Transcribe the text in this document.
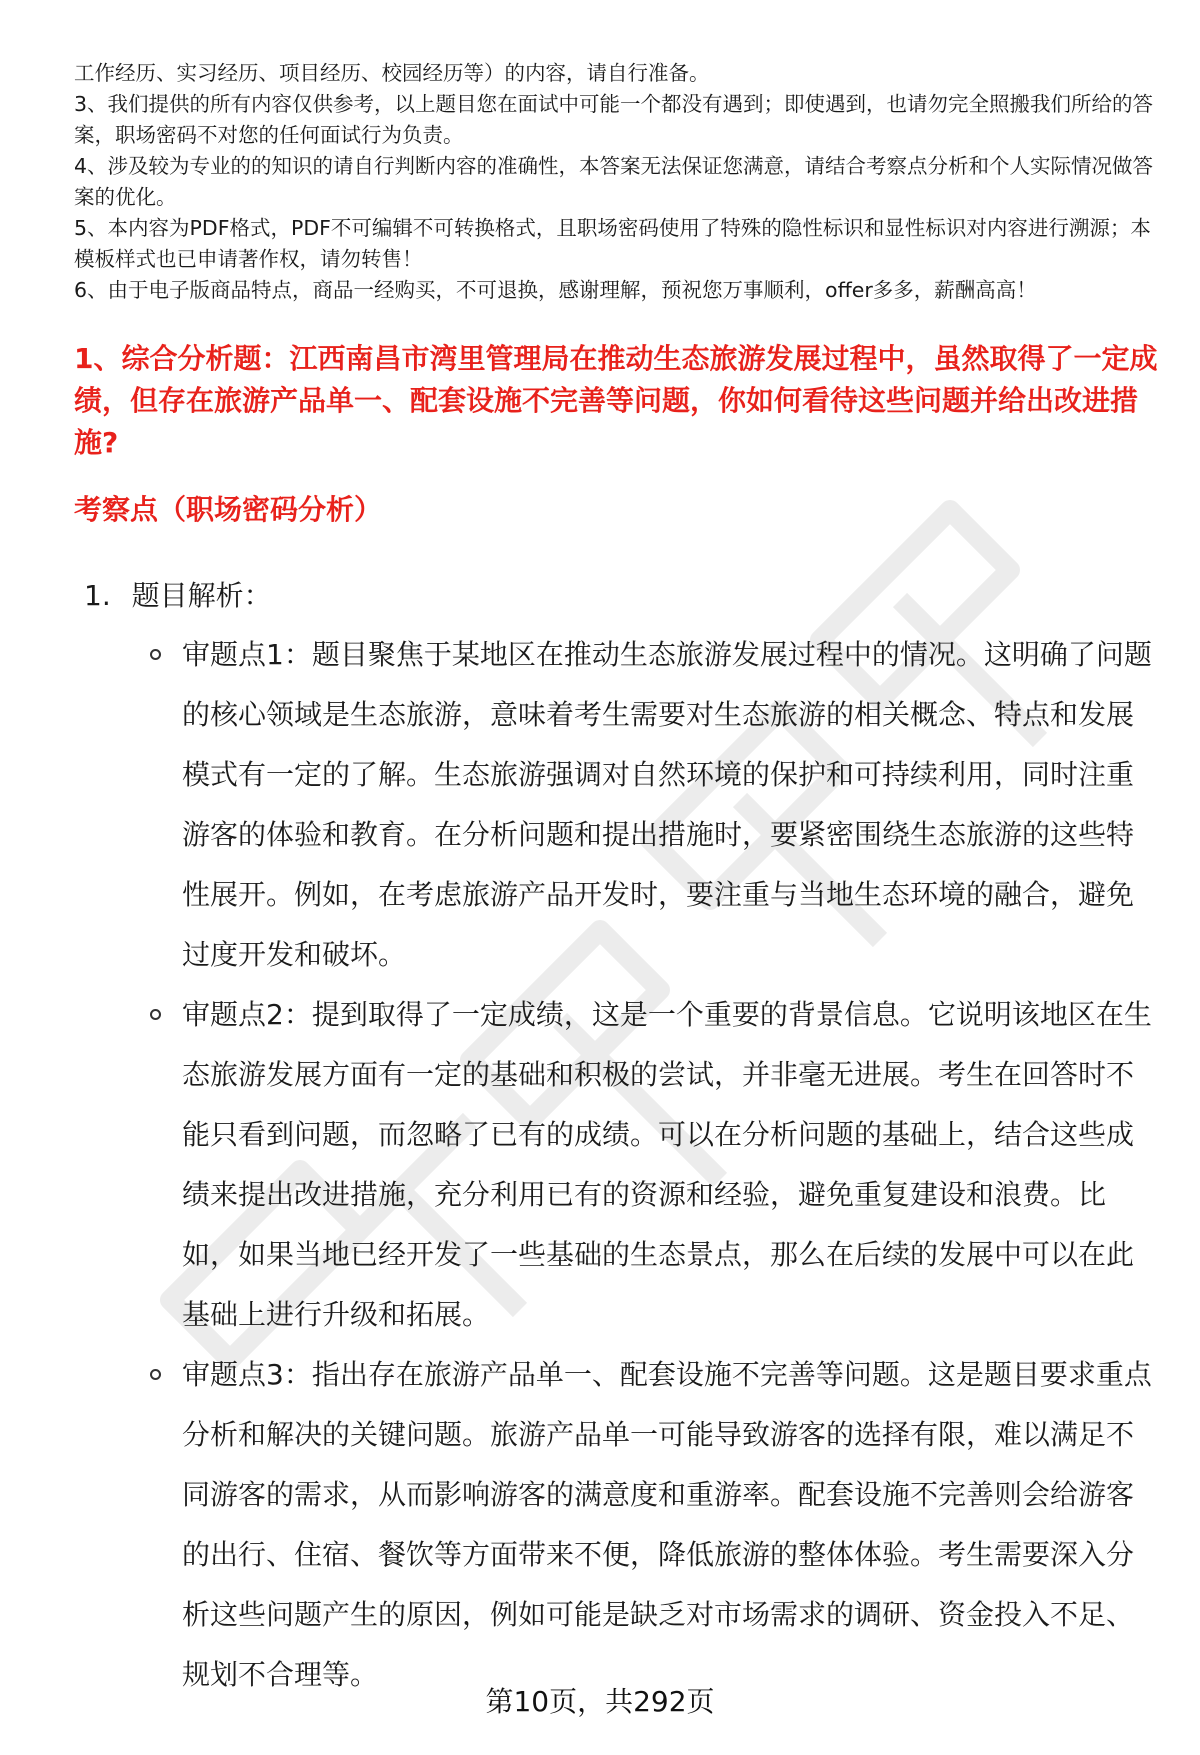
工作经历、实习经历、项目经历、校园经历等）的内容，请自行准备。

3、我们提供的所有内容仅供参考，以上题目您在面试中可能一个都没有遇到；即使遇到，也请勿完全照搬我们所给的答案，职场密码不对您的任何面试行为负责。

4、涉及较为专业的的知识的请自行判断内容的准确性，本答案无法保证您满意，请结合考察点分析和个人实际情况做答案的优化。

5、本内容为PDF格式，PDF不可编辑不可转换格式，且职场密码使用了特殊的隐性标识和显性标识对内容进行溯源；本模板样式也已申请著作权，请勿转售！

6、由于电子版商品特点，商品一经购买，不可退换，感谢理解，预祝您万事顺利，offer多多，薪酬高高！

1、综合分析题：江西南昌市湾里管理局在推动生态旅游发展过程中，虽然取得了一定成绩，但存在旅游产品单一、配套设施不完善等问题，你如何看待这些问题并给出改进措施?
考察点（职场密码分析）
1. 题目解析：
审题点1：题目聚焦于某地区在推动生态旅游发展过程中的情况。这明确了问题的核心领域是生态旅游，意味着考生需要对生态旅游的相关概念、特点和发展模式有一定的了解。生态旅游强调对自然环境的保护和可持续利用，同时注重游客的体验和教育。在分析问题和提出措施时，要紧密围绕生态旅游的这些特性展开。例如，在考虑旅游产品开发时，要注重与当地生态环境的融合，避免过度开发和破坏。
审题点2：提到取得了一定成绩，这是一个重要的背景信息。它说明该地区在生态旅游发展方面有一定的基础和积极的尝试，并非毫无进展。考生在回答时不能只看到问题，而忽略了已有的成绩。可以在分析问题的基础上，结合这些成绩来提出改进措施，充分利用已有的资源和经验，避免重复建设和浪费。比如，如果当地已经开发了一些基础的生态景点，那么在后续的发展中可以在此基础上进行升级和拓展。
审题点3：指出存在旅游产品单一、配套设施不完善等问题。这是题目要求重点分析和解决的关键问题。旅游产品单一可能导致游客的选择有限，难以满足不同游客的需求，从而影响游客的满意度和重游率。配套设施不完善则会给游客的出行、住宿、餐饮等方面带来不便，降低旅游的整体体验。考生需要深入分析这些问题产生的原因，例如可能是缺乏对市场需求的调研、资金投入不足、规划不合理等。
第10页，共292页
